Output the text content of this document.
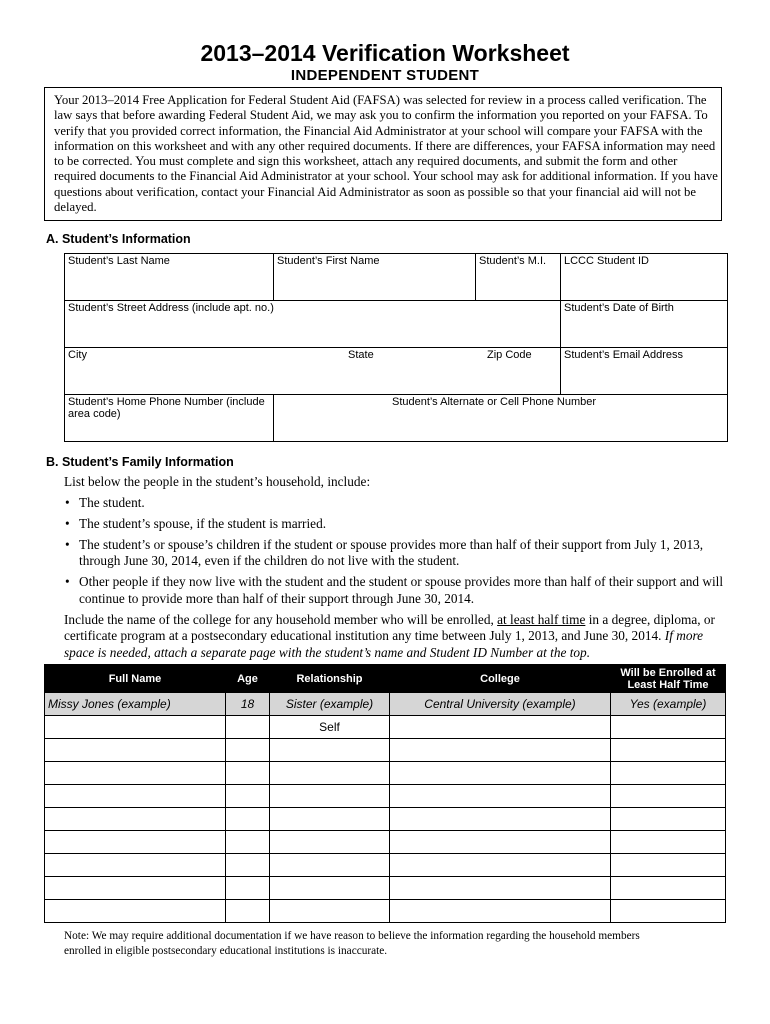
2013–2014 Verification Worksheet
INDEPENDENT STUDENT
Your 2013–2014 Free Application for Federal Student Aid (FAFSA) was selected for review in a process called verification. The law says that before awarding Federal Student Aid, we may ask you to confirm the information you reported on your FAFSA. To verify that you provided correct information, the Financial Aid Administrator at your school will compare your FAFSA with the information on this worksheet and with any other required documents. If there are differences, your FAFSA information may need to be corrected. You must complete and sign this worksheet, attach any required documents, and submit the form and other required documents to the Financial Aid Administrator at your school. Your school may ask for additional information. If you have questions about verification, contact your Financial Aid Administrator as soon as possible so that your financial aid will not be delayed.
A. Student’s Information
Student’s Last Name	Student’s First Name	Student’s M.I.	LCCC Student ID
Student’s Street Address (include apt. no.)			Student’s Date of Birth
City State Zip Code			Student’s Email Address
Student’s Home Phone Number (include area code)	Student’s Alternate or Cell Phone Number		
B. Student’s Family Information

List below the people in the student’s household, include:

• The student.
• The student’s spouse, if the student is married.
• The student’s or spouse’s children if the student or spouse provides more than half of their support from July 1, 2013, through June 30, 2014, even if the children do not live with the student.
• Other people if they now live with the student and the student or spouse provides more than half of their support and will continue to provide more than half of their support through June 30, 2014.

Include the name of the college for any household member who will be enrolled, at least half time in a degree, diploma, or certificate program at a postsecondary educational institution any time between July 1, 2013, and June 30, 2014. If more space is needed, attach a separate page with the student’s name and Student ID Number at the top.

Full Name	Age	Relationship	College	Will be Enrolled at Least Half Time
Missy Jones (example)	18	Sister (example)	Central University (example)	Yes (example)
		Self		

Note: We may require additional documentation if we have reason to believe the information regarding the household members enrolled in eligible postsecondary educational institutions is inaccurate.
